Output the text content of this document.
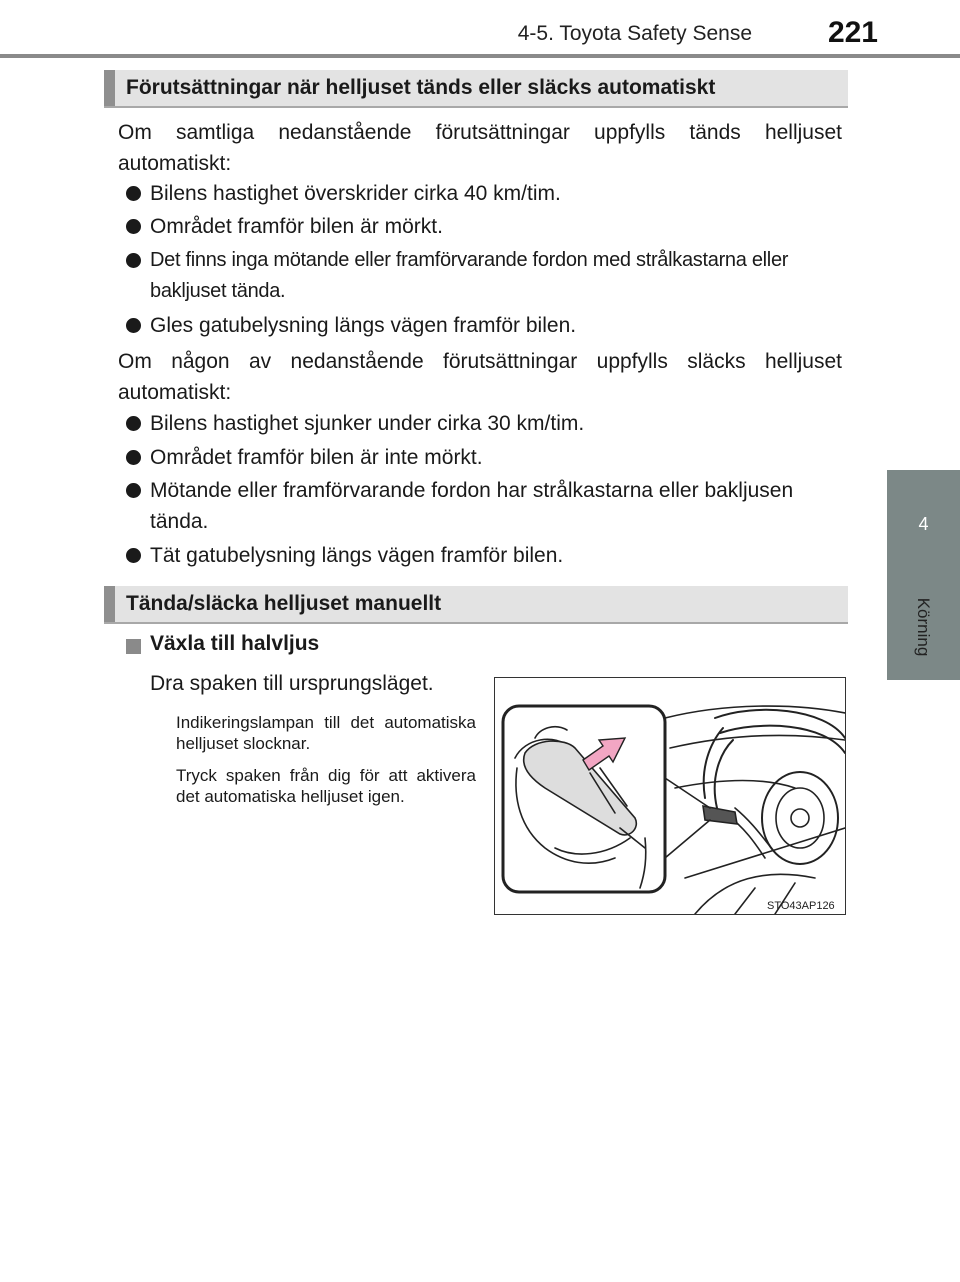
4-5. Toyota Safety Sense	221
4
Körning
Förutsättningar när helljuset tänds eller släcks automatiskt
Om samtliga nedanstående förutsättningar uppfylls tänds helljuset automatiskt:
Bilens hastighet överskrider cirka 40 km/tim.
Området framför bilen är mörkt.
Det finns inga mötande eller framförvarande fordon med strålkastarna eller bakljuset tända.
Gles gatubelysning längs vägen framför bilen.
Om någon av nedanstående förutsättningar uppfylls släcks helljuset automatiskt:
Bilens hastighet sjunker under cirka 30 km/tim.
Området framför bilen är inte mörkt.
Mötande eller framförvarande fordon har strålkastarna eller bakljusen tända.
Tät gatubelysning längs vägen framför bilen.
Tända/släcka helljuset manuellt
Växla till halvljus
Dra spaken till ursprungsläget.
Indikeringslampan till det automatiska helljuset slocknar.
Tryck spaken från dig för att aktivera det automatiska helljuset igen.
STO43AP126
